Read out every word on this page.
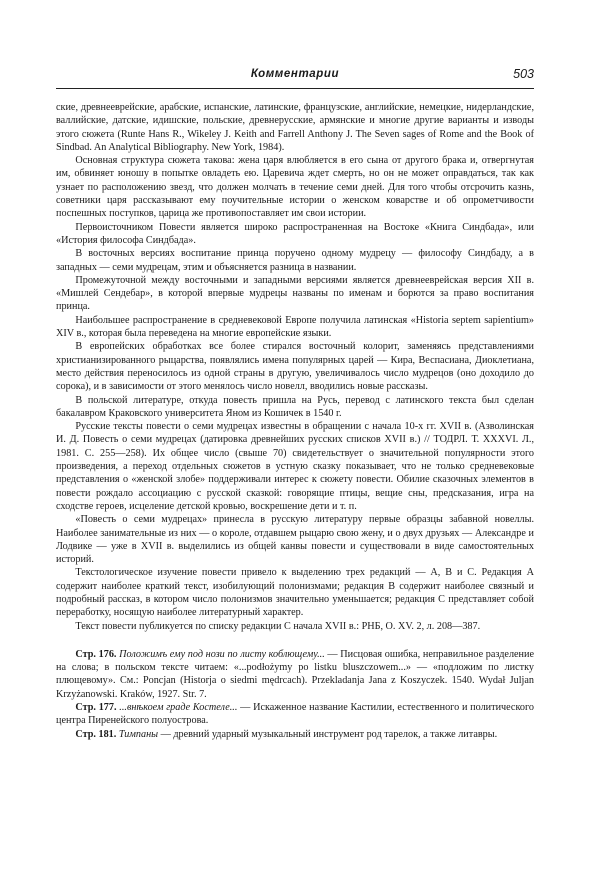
Комментарии	503

ские, древнееврейские, арабские, испанские, латинские, французские, английские, немецкие, нидерландские, валлийские, датские, идишские, польские, древнерусские, армянские и многие другие варианты и изводы этого сюжета (Runte Hans R., Wikeley J. Keith and Farrell Anthony J. The Seven sages of Rome and the Book of Sindbad. An Analytical Bibliography. New York, 1984).

Основная структура сюжета такова: жена царя влюбляется в его сына от другого брака и, отвергнутая им, обвиняет юношу в попытке овладеть ею. Царевича ждет смерть, но он не может оправдаться, так как узнает по расположению звезд, что должен молчать в течение семи дней. Для того чтобы отсрочить казнь, советники царя рассказывают ему поучительные истории о женском коварстве и об опрометчивости поспешных поступков, царица же противопоставляет им свои истории.

Первоисточником Повести является широко распространенная на Востоке «Книга Синдбада», или «История философа Синдбада».

В восточных версиях воспитание принца поручено одному мудрецу — философу Синдбаду, а в западных — семи мудрецам, этим и объясняется разница в названии.

Промежуточной между восточными и западными версиями является древнееврейская версия XII в. «Мишлей Сендебар», в которой впервые мудрецы названы по именам и борются за право воспитания принца.

Наибольшее распространение в средневековой Европе получила латинская «Historia septem sapientium» XIV в., которая была переведена на многие европейские языки.

В европейских обработках все более стирался восточный колорит, заменяясь представлениями христианизированного рыцарства, появлялись имена популярных царей — Кира, Веспасиана, Диоклетиана, место действия переносилось из одной страны в другую, увеличивалось число мудрецов (оно доходило до сорока), и в зависимости от этого менялось число новелл, вводились новые рассказы.

В польской литературе, откуда повесть пришла на Русь, перевод с латинского текста был сделан бакалавром Краковского университета Яном из Кошичек в 1540 г.

Русские тексты повести о семи мудрецах известны в обращении с начала 10-х гг. XVII в. (Азволинская И. Д. Повесть о семи мудрецах (датировка древнейших русских списков XVII в.) // ТОДРЛ. Т. XXXVI. Л., 1981. С. 255—258). Их общее число (свыше 70) свидетельствует о значительной популярности этого произведения, а переход отдельных сюжетов в устную сказку показывает, что не только средневековые представления о «женской злобе» поддерживали интерес к сюжету повести. Обилие сказочных элементов в повести рождало ассоциацию с русской сказкой: говорящие птицы, вещие сны, предсказания, игра на сходстве героев, исцеление детской кровью, воскрешение дети и т. п.

«Повесть о семи мудрецах» принесла в русскую литературу первые образцы забавной новеллы. Наиболее занимательные из них — о короле, отдавшем рыцарю свою жену, и о двух друзьях — Александре и Лодвике — уже в XVII в. выделились из общей канвы повести и существовали в виде самостоятельных историй.

Текстологическое изучение повести привело к выделению трех редакций — А, В и С. Редакция А содержит наиболее краткий текст, изобилующий полонизмами; редакция В содержит наиболее связный и подробный рассказ, в котором число полонизмов значительно уменьшается; редакция С представляет собой переработку, носящую наиболее литературный характер.

Текст повести публикуется по списку редакции С начала XVII в.: РНБ, О. XV. 2, л. 208—387.

Стр. 176. Положимъ ему под нози по листу коблющему... — Писцовая ошибка, неправильное разделение на слова; в польском тексте читаем: «...podłożymy po listku bluszczowem...» — «подложим по листку плющевому». См.: Poncjan (Historja o siedmi mędrcach). Przekladanja Jana z Koszyczek. 1540. Wydał Juljan Krzyżanowski. Kraków, 1927. Str. 7.

Стр. 177. ...внѣкоем граде Костеле... — Искаженное название Кастилии, естественного и политического центра Пиренейского полуострова.

Стр. 181. Тимпаны — древний ударный музыкальный инструмент род тарелок, а также литавры.
